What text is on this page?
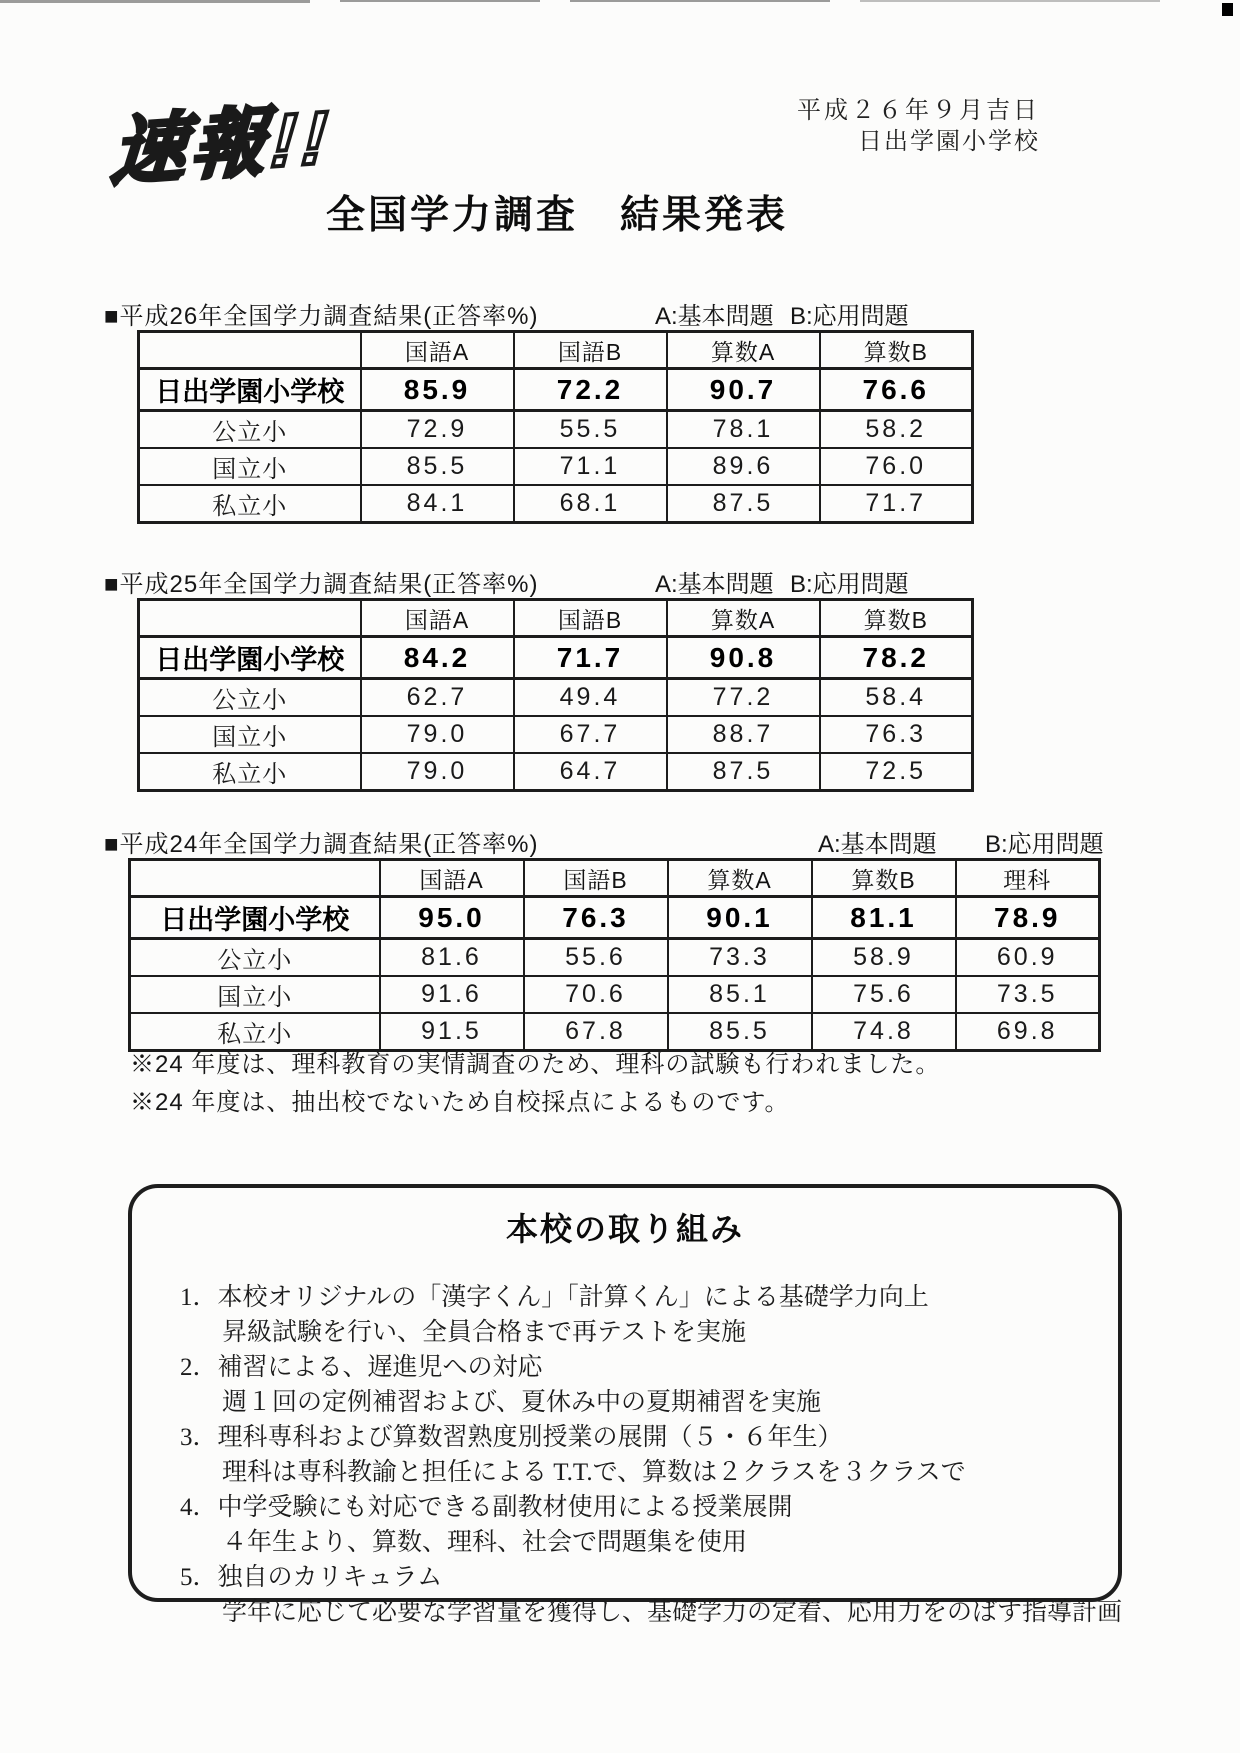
速報!!	平成２６年９月吉日
日出学園小学校
全国学力調査　結果発表
■平成26年全国学力調査結果(正答率%)	A:基本問題 B:応用問題
■平成25年全国学力調査結果(正答率%)	A:基本問題 B:応用問題
■平成24年全国学力調査結果(正答率%)	A:基本問題 B:応用問題
	国語A	国語B	算数A	算数B
日出学園小学校	85.9	72.2	90.7	76.6
公立小	72.9	55.5	78.1	58.2
国立小	85.5	71.1	89.6	76.0
私立小	84.1	68.1	87.5	71.7
	国語A	国語B	算数A	算数B
日出学園小学校	84.2	71.7	90.8	78.2
公立小	62.7	49.4	77.2	58.4
国立小	79.0	67.7	88.7	76.3
私立小	79.0	64.7	87.5	72.5
	国語A	国語B	算数A	算数B	理科
日出学園小学校	95.0	76.3	90.1	81.1	78.9
公立小	81.6	55.6	73.3	58.9	60.9
国立小	91.6	70.6	85.1	75.6	73.5
私立小	91.5	67.8	85.5	74.8	69.8
※24 年度は、理科教育の実情調査のため、理科の試験も行われました。
※24 年度は、抽出校でないため自校採点によるものです。
本校の取り組み
1．本校オリジナルの「漢字くん」「計算くん」による基礎学力向上
昇級試験を行い、全員合格まで再テストを実施
2．補習による、遅進児への対応
週１回の定例補習および、夏休み中の夏期補習を実施
3．理科専科および算数習熟度別授業の展開（５・６年生）
理科は専科教諭と担任による T.T.で、算数は２クラスを３クラスで
4．中学受験にも対応できる副教材使用による授業展開
４年生より、算数、理科、社会で問題集を使用
5．独自のカリキュラム
学年に応じて必要な学習量を獲得し、基礎学力の定着、応用力をのばす指導計画
